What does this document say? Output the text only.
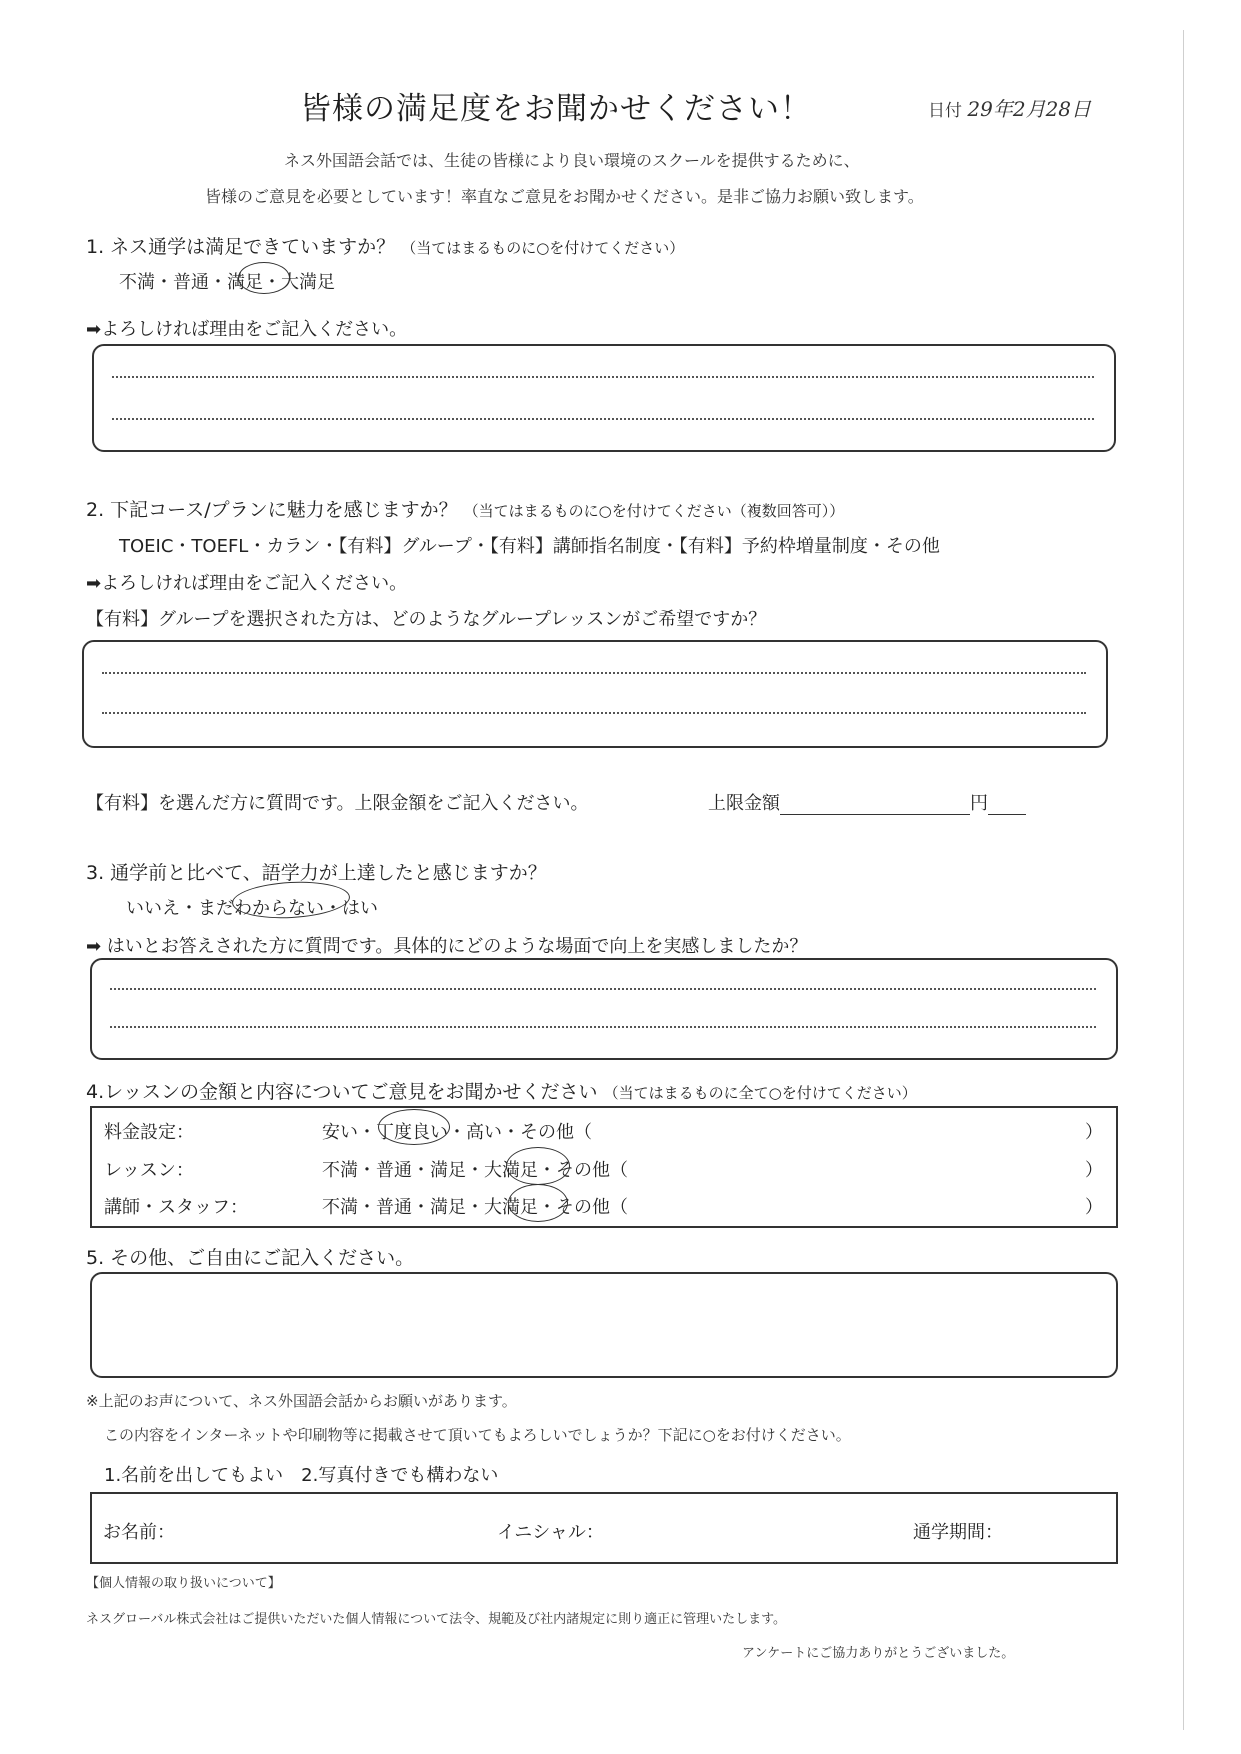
皆様の満足度をお聞かせください！	日付 29年2月28日
ネス外国語会話では、生徒の皆様により良い環境のスクールを提供するために、
皆様のご意見を必要としています！率直なご意見をお聞かせください。是非ご協力お願い致します。
1. ネス通学は満足できていますか？ （当てはまるものに○を付けてください）
不満・普通・満足・大満足
➡よろしければ理由をご記入ください。
2. 下記コース/プランに魅力を感じますか？ （当てはまるものに○を付けてください（複数回答可））
TOEIC・TOEFL・カラン・【有料】グループ・【有料】講師指名制度・【有料】予約枠増量制度・その他
➡よろしければ理由をご記入ください。
【有料】グループを選択された方は、どのようなグループレッスンがご希望ですか？
【有料】を選んだ方に質問です。上限金額をご記入ください。	上限金額	円
3. 通学前と比べて、語学力が上達したと感じますか？
いいえ・まだわからない・はい
➡ はいとお答えされた方に質問です。具体的にどのような場面で向上を実感しましたか？
4.レッスンの金額と内容についてご意見をお聞かせください （当てはまるものに全て○を付けてください）
料金設定：	安い・丁度良い・高い・その他（	）
レッスン：	不満・普通・満足・大満足・その他（	）
講師・スタッフ：	不満・普通・満足・大満足・その他（	）
5. その他、ご自由にご記入ください。
※上記のお声について、ネス外国語会話からお願いがあります。
この内容をインターネットや印刷物等に掲載させて頂いてもよろしいでしょうか？下記に○をお付けください。
1.名前を出してもよい　2.写真付きでも構わない
お名前：	イニシャル：	通学期間：
【個人情報の取り扱いについて】
ネスグローバル株式会社はご提供いただいた個人情報について法令、規範及び社内諸規定に則り適正に管理いたします。
アンケートにご協力ありがとうございました。
